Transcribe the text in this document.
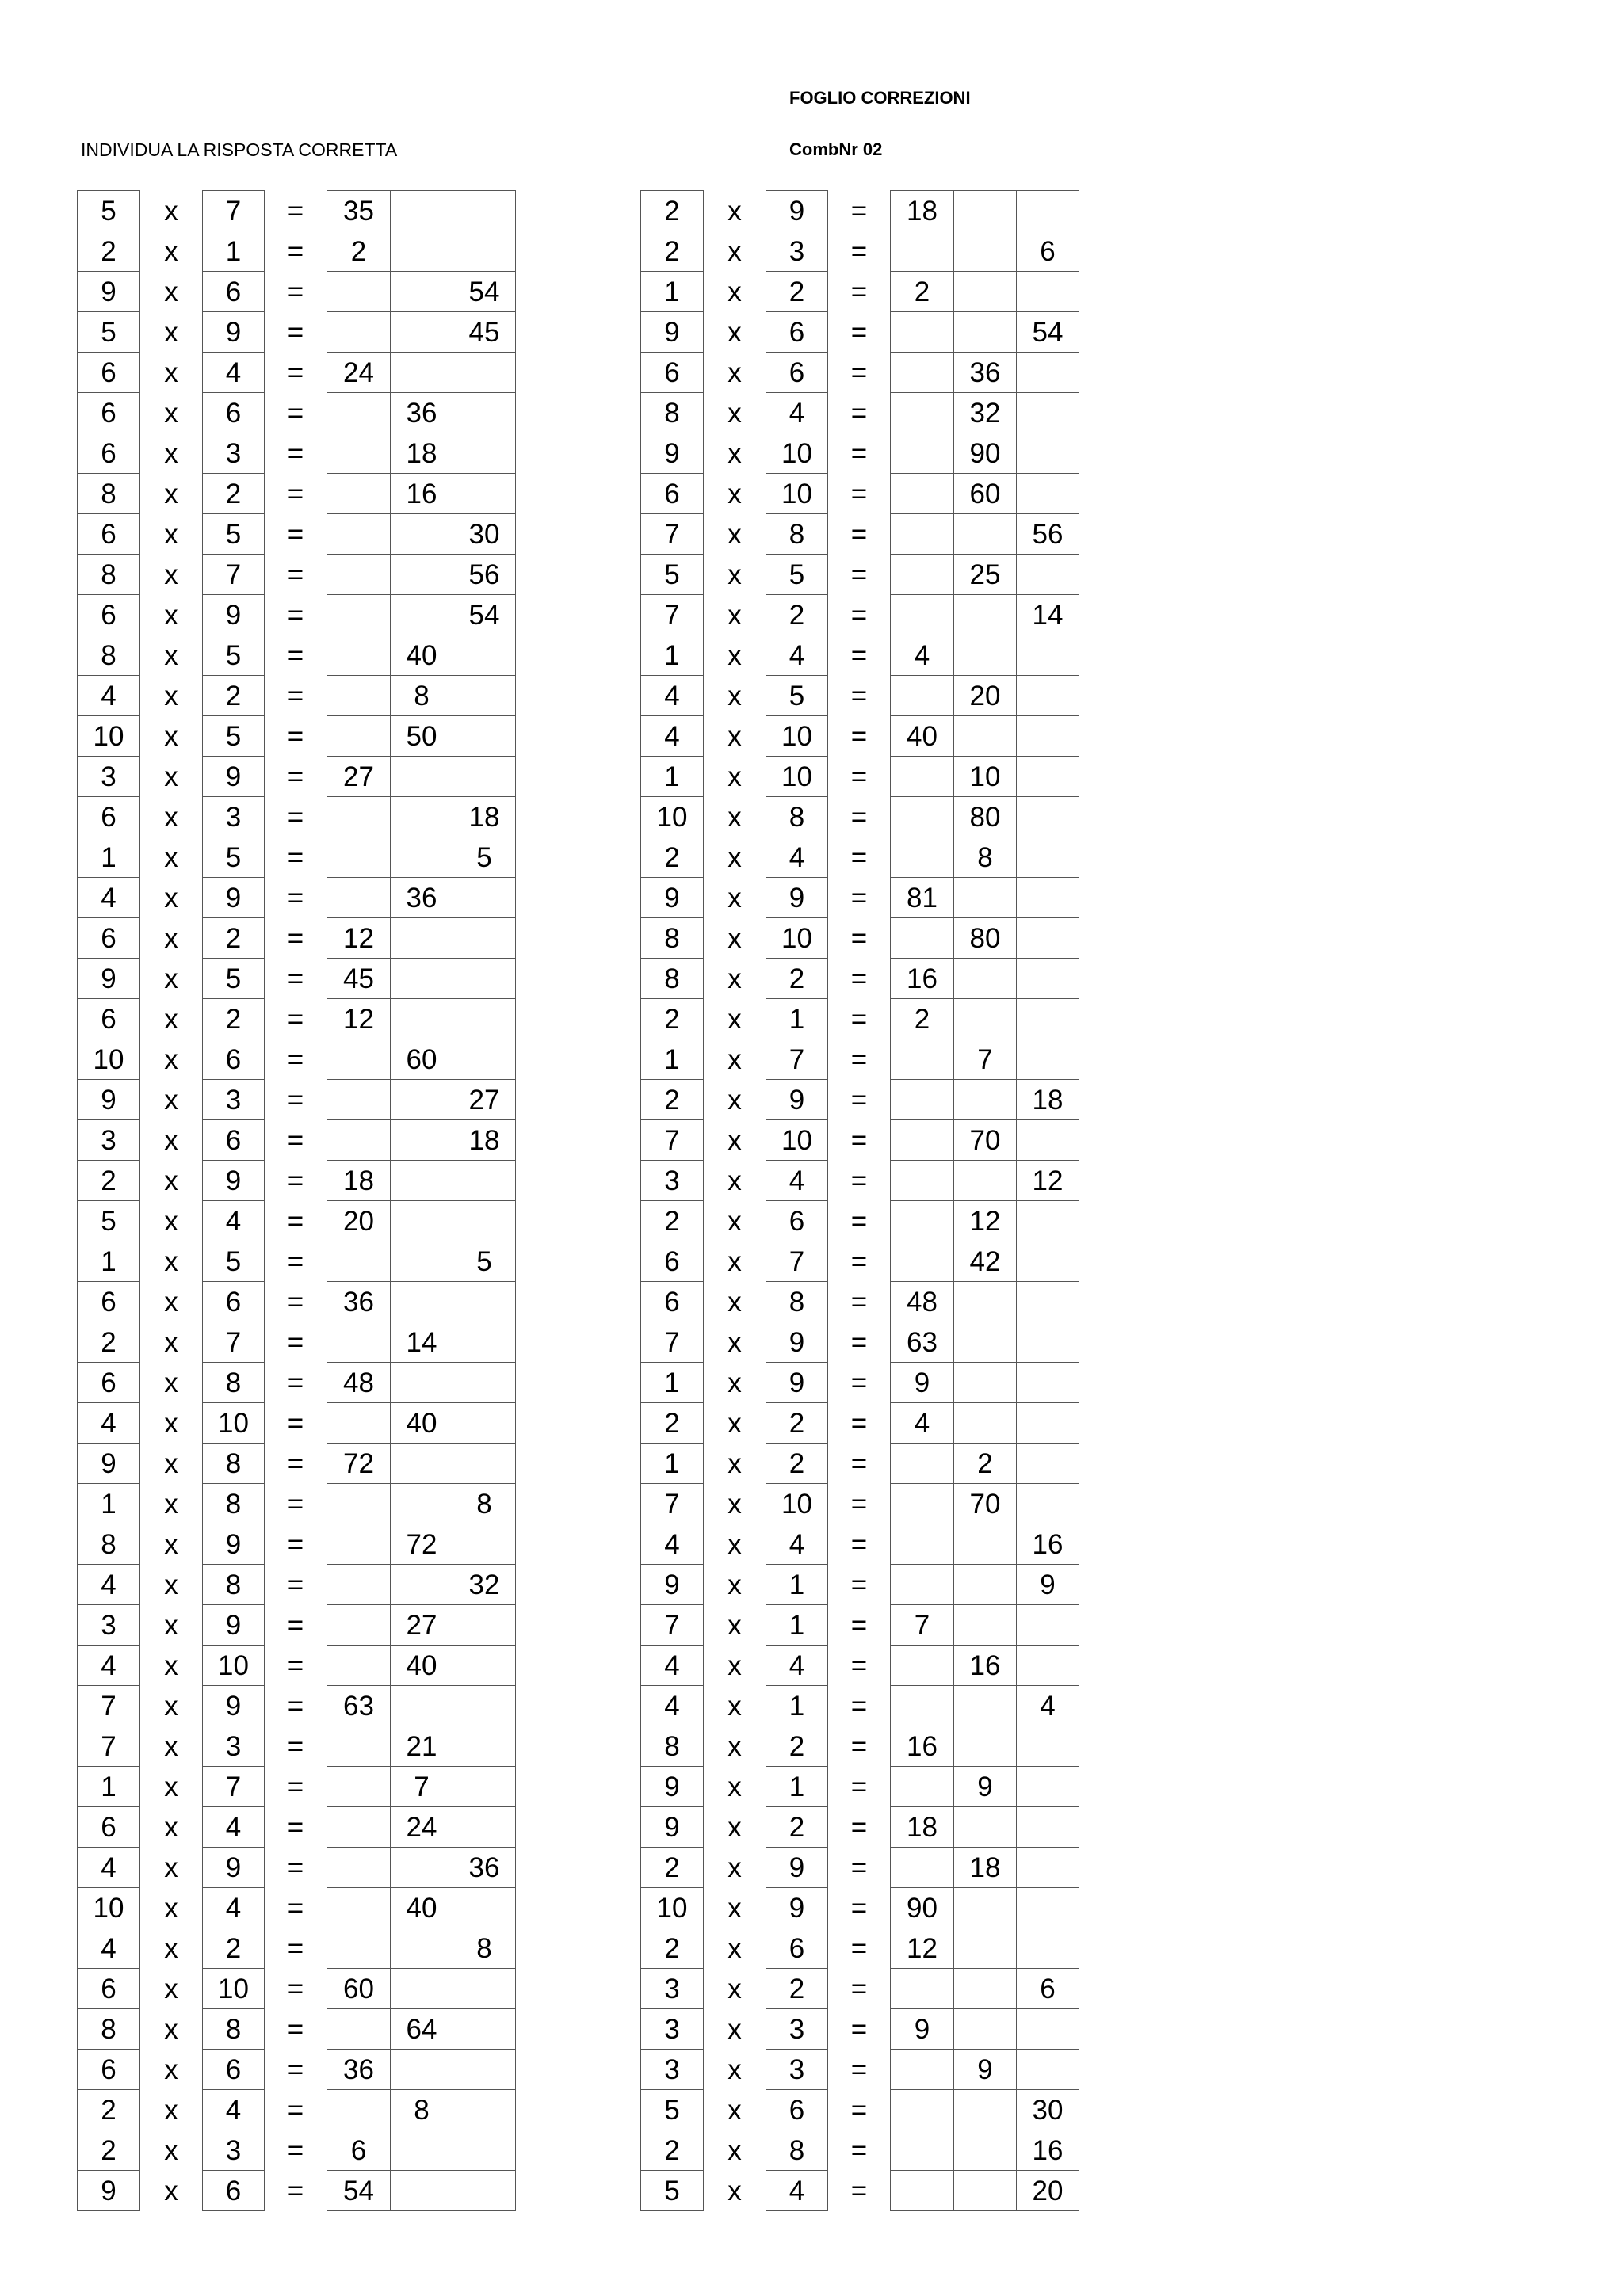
FOGLIO CORREZIONI
INDIVIDUA LA RISPOSTA CORRETTA	CombNr 02
5	x	7	=	35		
2	x	1	=	2		
9	x	6	=			54
5	x	9	=			45
6	x	4	=	24		
6	x	6	=		36	
6	x	3	=		18	
8	x	2	=		16	
6	x	5	=			30
8	x	7	=			56
6	x	9	=			54
8	x	5	=		40	
4	x	2	=		8	
10	x	5	=		50	
3	x	9	=	27		
6	x	3	=			18
1	x	5	=			5
4	x	9	=		36	
6	x	2	=	12		
9	x	5	=	45		
6	x	2	=	12		
10	x	6	=		60	
9	x	3	=			27
3	x	6	=			18
2	x	9	=	18		
5	x	4	=	20		
1	x	5	=			5
6	x	6	=	36		
2	x	7	=		14	
6	x	8	=	48		
4	x	10	=		40	
9	x	8	=	72		
1	x	8	=			8
8	x	9	=		72	
4	x	8	=			32
3	x	9	=		27	
4	x	10	=		40	
7	x	9	=	63		
7	x	3	=		21	
1	x	7	=		7	
6	x	4	=		24	
4	x	9	=			36
10	x	4	=		40	
4	x	2	=			8
6	x	10	=	60		
8	x	8	=		64	
6	x	6	=	36		
2	x	4	=		8	
2	x	3	=	6		
9	x	6	=	54		
2	x	9	=	18		
2	x	3	=			6
1	x	2	=	2		
9	x	6	=			54
6	x	6	=		36	
8	x	4	=		32	
9	x	10	=		90	
6	x	10	=		60	
7	x	8	=			56
5	x	5	=		25	
7	x	2	=			14
1	x	4	=	4		
4	x	5	=		20	
4	x	10	=	40		
1	x	10	=		10	
10	x	8	=		80	
2	x	4	=		8	
9	x	9	=	81		
8	x	10	=		80	
8	x	2	=	16		
2	x	1	=	2		
1	x	7	=		7	
2	x	9	=			18
7	x	10	=		70	
3	x	4	=			12
2	x	6	=		12	
6	x	7	=		42	
6	x	8	=	48		
7	x	9	=	63		
1	x	9	=	9		
2	x	2	=	4		
1	x	2	=		2	
7	x	10	=		70	
4	x	4	=			16
9	x	1	=			9
7	x	1	=	7		
4	x	4	=		16	
4	x	1	=			4
8	x	2	=	16		
9	x	1	=		9	
9	x	2	=	18		
2	x	9	=		18	
10	x	9	=	90		
2	x	6	=	12		
3	x	2	=			6
3	x	3	=	9		
3	x	3	=		9	
5	x	6	=			30
2	x	8	=			16
5	x	4	=			20
